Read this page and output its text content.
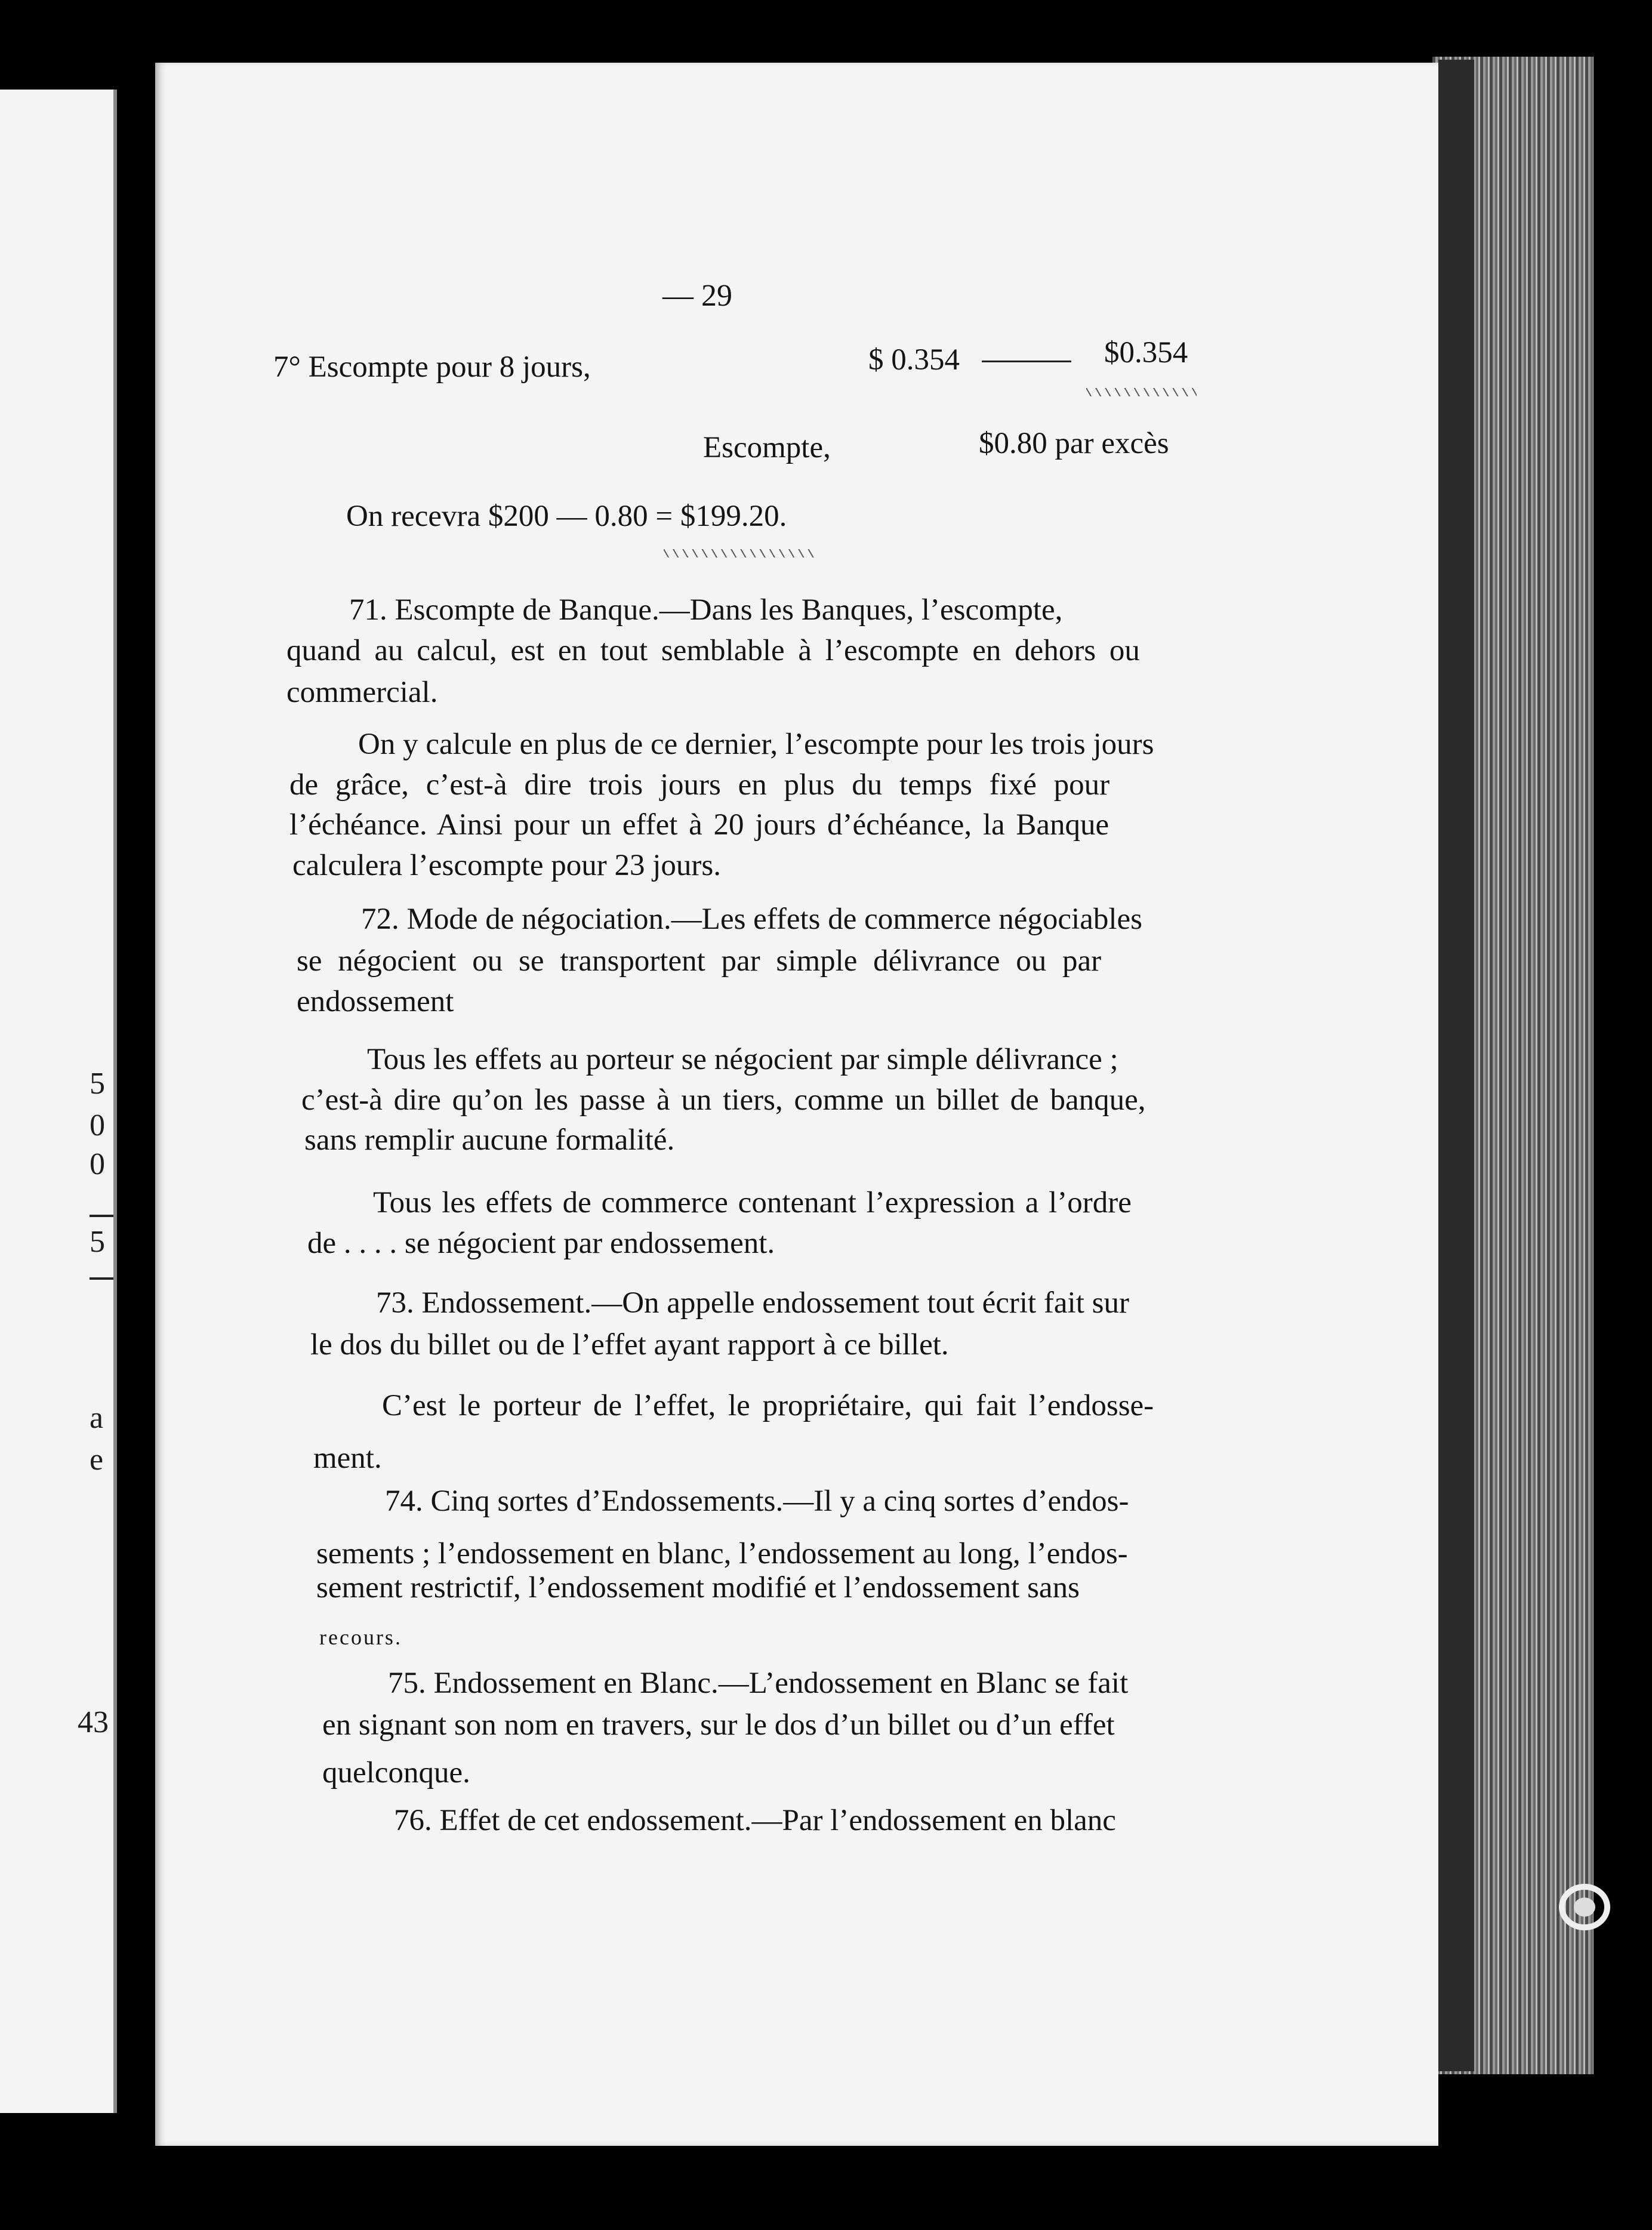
5
0
0
5
a
e
43
— 29
7° Escompte pour 8 jours,	$ 0.354	$0.354
Escompte,	$0.80 par excès
On recevra $200 — 0.80 = $199.20.
71. Escompte de Banque.—Dans les Banques, l’escompte,
quand au calcul, est en tout semblable à l’escompte en dehors ou
commercial.
On y calcule en plus de ce dernier, l’escompte pour les trois jours
de grâce, c’est-à dire trois jours en plus du temps fixé pour
l’échéance. Ainsi pour un effet à 20 jours d’échéance, la Banque
calculera l’escompte pour 23 jours.
72. Mode de négociation.—Les effets de commerce négociables
se négocient ou se transportent par simple délivrance ou par
endossement
Tous les effets au porteur se négocient par simple délivrance ;
c’est-à dire qu’on les passe à un tiers, comme un billet de banque,
sans remplir aucune formalité.
Tous les effets de commerce contenant l’expression a l’ordre
de . . . . se négocient par endossement.
73. Endossement.—On appelle endossement tout écrit fait sur
le dos du billet ou de l’effet ayant rapport à ce billet.
C’est le porteur de l’effet, le propriétaire, qui fait l’endosse-
ment.
74. Cinq sortes d’Endossements.—Il y a cinq sortes d’endos-
sements ; l’endossement en blanc, l’endossement au long, l’endos-
sement restrictif, l’endossement modifié et l’endossement sans
recours.
75. Endossement en Blanc.—L’endossement en Blanc se fait
en signant son nom en travers, sur le dos d’un billet ou d’un effet
quelconque.
76. Effet de cet endossement.—Par l’endossement en blanc
